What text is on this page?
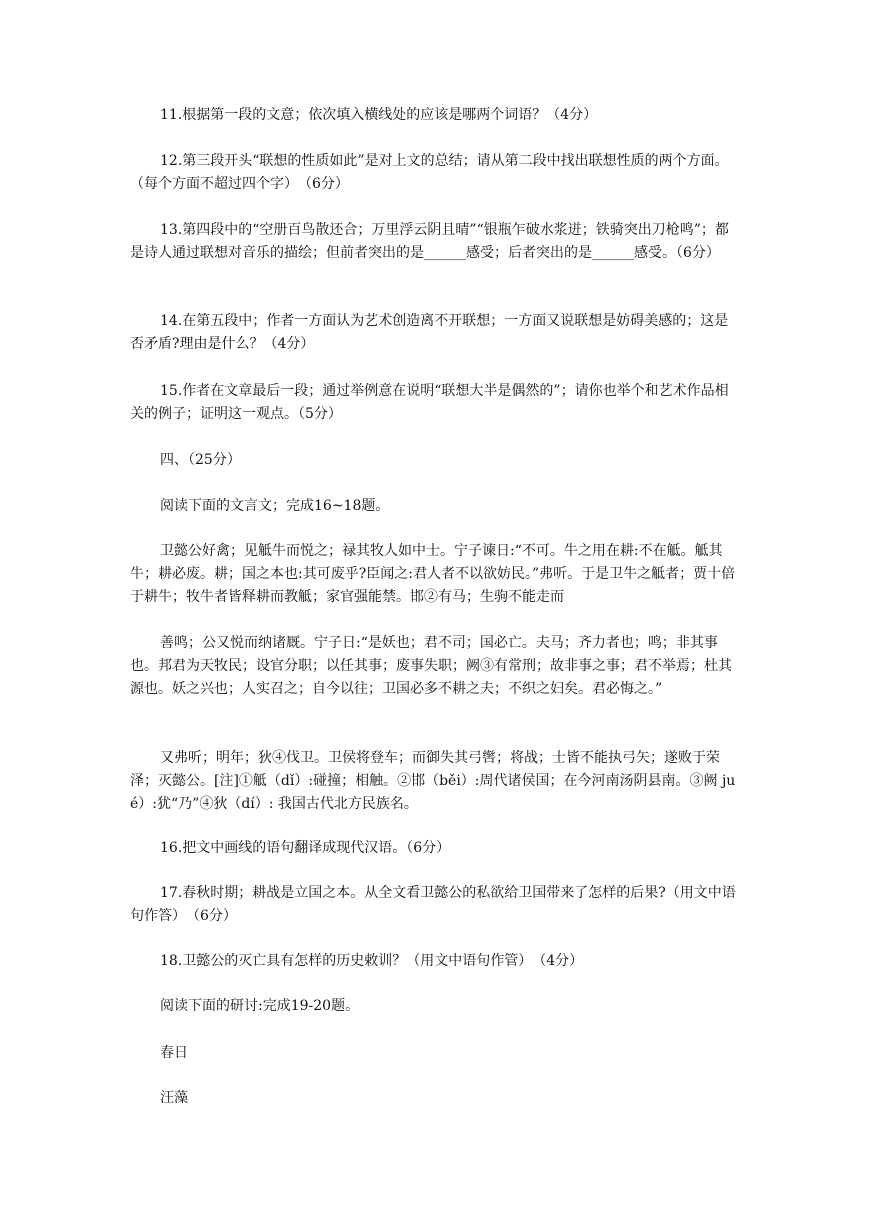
11.根据第一段的文意；依次填入横线处的应该是哪两个词语？（4分）

12.第三段开头“联想的性质如此”是对上文的总结；请从第二段中找出联想性质的两个方面。（每个方面不超过四个字）　（6分）

13.第四段中的“空册百鸟散还合；万里浮云阴且晴”“银瓶乍破水浆迸；铁骑突出刀枪鸣”；都是诗人通过联想对音乐的描绘；但前者突出的是______感受；后者突出的是______感受。（6分）

14.在第五段中；作者一方面认为艺术创造离不开联想；一方面又说联想是妨碍美感的；这是否矛盾?理由是什么？（4分）

15.作者在文章最后一段；通过举例意在说明“联想大半是偶然的”；请你也举个和艺术作品相关的例子；证明这一观点。（5分）

四、（25分）

阅读下面的文言文；完成16~18题。

卫懿公好禽；见觝牛而悦之；禄其牧人如中士。宁子谏日:“不可。牛之用在耕:不在觝。觝其牛；耕必废。耕；国之本也:其可废乎?臣闻之:君人者不以欲妨民。”弗听。于是卫牛之觝者；贾十倍于耕牛；牧牛者皆释耕而教觝；家官强能禁。邯②有马；生驹不能走而

善鸣；公又悦而纳诸厩。宁子日:“是妖也；君不司；国必亡。夫马；齐力者也；鸣；非其事也。邦君为天牧民；设官分职；以任其事；废事失职；阙③有常刑；故非事之事；君不举焉；杜其源也。妖之兴也；人实召之；自今以往；卫国必多不耕之夫；不织之妇矣。君必悔之。”

又弗听；明年；狄④伐卫。卫侯将登车；而御失其弓辔；将战；士皆不能执弓矢；遂败于荣泽；灭懿公。[注]①觝（dǐ）:碰撞；相触。②邯（běi）:周代诸侯国；在今河南汤阴县南。③阙 jué）:犹“乃”④狄（dí）: 我国古代北方民族名。

16.把文中画线的语句翻译成现代汉语。（6分）

17.春秋时期；耕战是立国之本。从全文看卫懿公的私欲给卫国带来了怎样的后果?（用文中语句作答）　（6分）

18.卫懿公的灭亡具有怎样的历史敕训？（用文中语句作管）　（4分）

阅读下面的研讨:完成19-20题。

春日

汪藻
